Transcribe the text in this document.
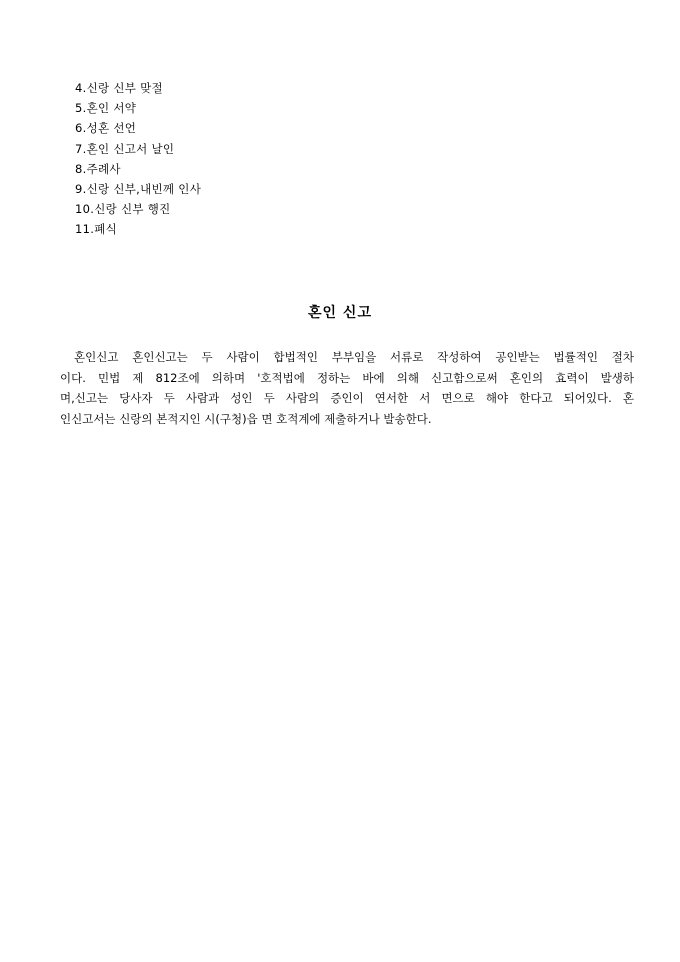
4.신랑 신부 맞절
5.혼인 서약
6.성혼 선언
7.혼인 신고서 날인
8.주례사
9.신랑 신부,내빈께 인사
10.신랑 신부 행진
11.폐식
혼인 신고
혼인신고 혼인신고는 두 사람이 합법적인 부부임을 서류로 작성하여 공인받는 법률적인 절차
이다. 민법 제 812조에 의하며 '호적법에 정하는 바에 의해 신고함으로써 혼인의 효력이 발생하
며,신고는 당사자 두 사람과 성인 두 사람의 증인이 연서한 서 면으로 해야 한다고 되어있다. 혼
인신고서는 신랑의 본적지인 시(구청)읍 면 호적계에 제출하거나 발송한다.
